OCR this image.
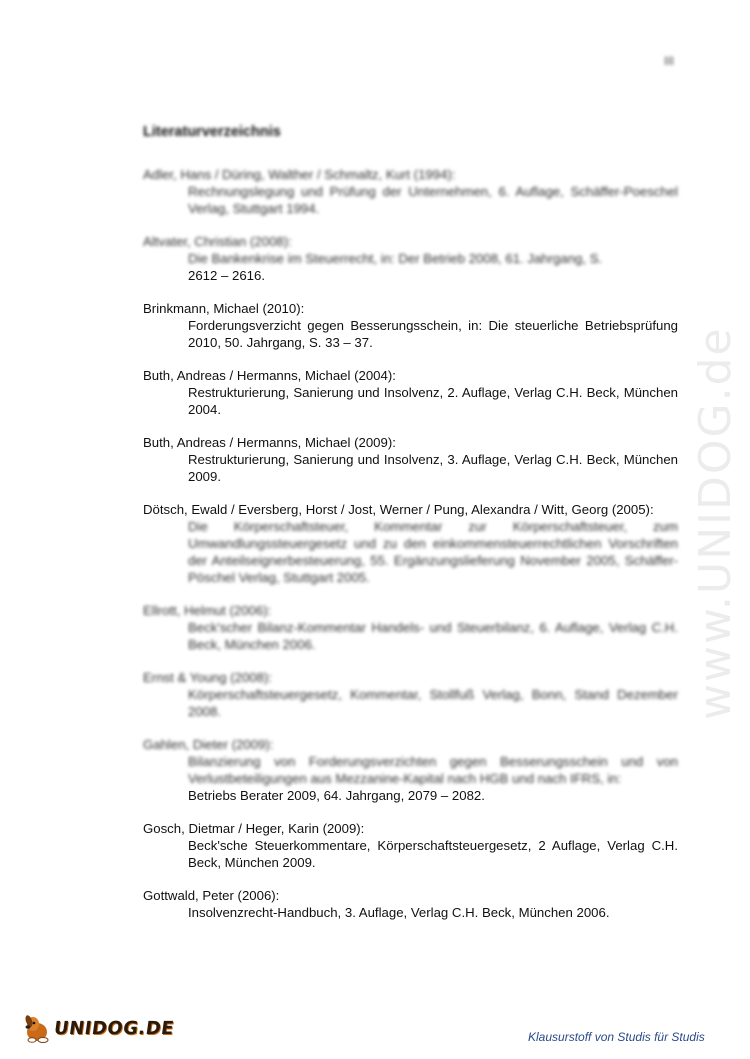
www.UNIDOG.de
III
Literaturverzeichnis
Adler, Hans / Düring, Walther / Schmaltz, Kurt (1994):
Rechnungslegung und Prüfung der Unternehmen, 6. Auflage, Schäffer-Poeschel Verlag, Stuttgart 1994.
Altvater, Christian (2008):
Die Bankenkrise im Steuerrecht, in: Der Betrieb 2008, 61. Jahrgang, S.
2612 – 2616.
Brinkmann, Michael (2010):
Forderungsverzicht gegen Besserungsschein, in: Die steuerliche Betriebsprüfung 2010, 50. Jahrgang, S. 33 – 37.
Buth, Andreas / Hermanns, Michael (2004):
Restrukturierung, Sanierung und Insolvenz, 2. Auflage, Verlag C.H. Beck, München 2004.
Buth, Andreas / Hermanns, Michael (2009):
Restrukturierung, Sanierung und Insolvenz, 3. Auflage, Verlag C.H. Beck, München 2009.
Dötsch, Ewald / Eversberg, Horst / Jost, Werner / Pung, Alexandra / Witt, Georg (2005):
Die Körperschaftsteuer, Kommentar zur Körperschaftsteuer, zum Umwandlungssteuergesetz und zu den einkommensteuerrechtlichen Vorschriften der Anteilseignerbesteuerung, 55. Ergänzungslieferung November 2005, Schäffer-Pöschel Verlag, Stuttgart 2005.
Ellrott, Helmut (2006):
Beck'scher Bilanz-Kommentar Handels- und Steuerbilanz, 6. Auflage, Verlag C.H. Beck, München 2006.
Ernst & Young (2008):
Körperschaftsteuergesetz, Kommentar, Stollfuß Verlag, Bonn, Stand Dezember 2008.
Gahlen, Dieter (2009):
Bilanzierung von Forderungsverzichten gegen Besserungsschein und von Verlustbeteiligungen aus Mezzanine-Kapital nach HGB und nach IFRS, in:
Betriebs Berater 2009, 64. Jahrgang, 2079 – 2082.
Gosch, Dietmar / Heger, Karin (2009):
Beck'sche Steuerkommentare, Körperschaftsteuergesetz, 2 Auflage, Verlag C.H. Beck, München 2009.
Gottwald, Peter (2006):
Insolvenzrecht-Handbuch, 3. Auflage, Verlag C.H. Beck, München 2006.
UNIDOG.DE	Klausurstoff von Studis für Studis
